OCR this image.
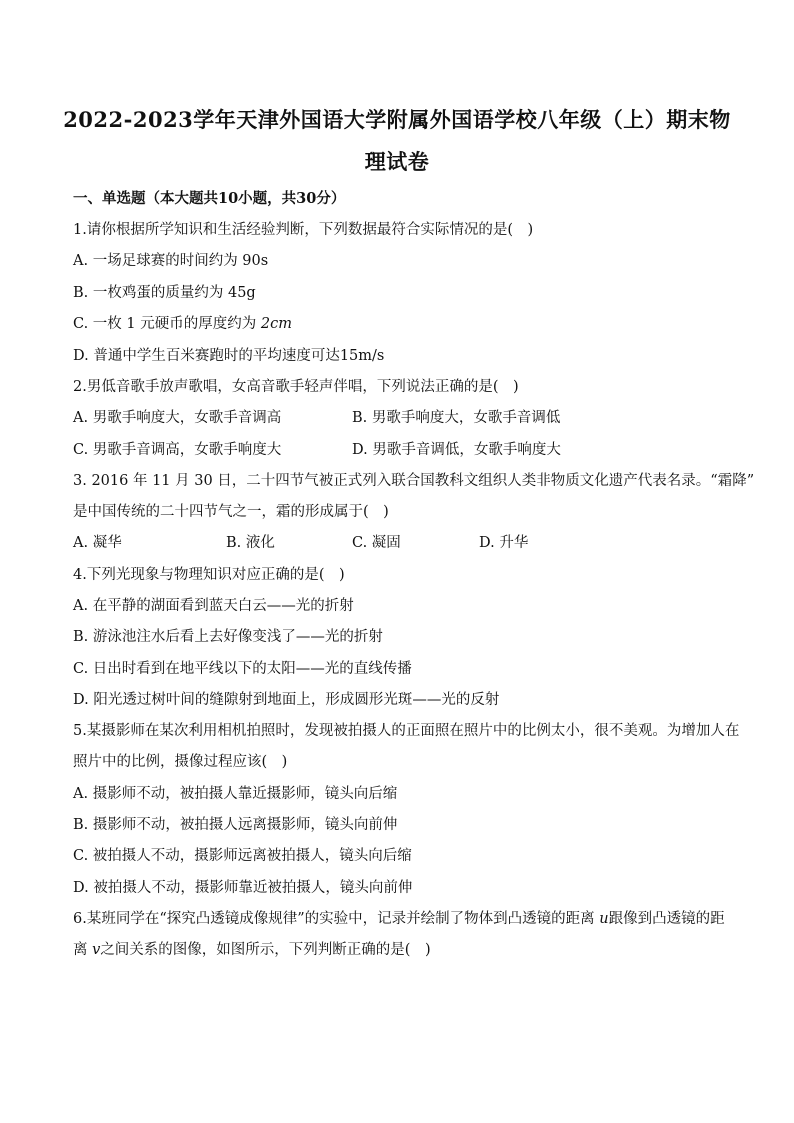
2022-2023学年天津外国语大学附属外国语学校八年级（上）期末物
理试卷
一、单选题（本大题共10小题，共30分）
1.请你根据所学知识和生活经验判断，下列数据最符合实际情况的是(　)
A. 一场足球赛的时间约为 90s
B. 一枚鸡蛋的质量约为 45g
C. 一枚 1 元硬币的厚度约为 2cm
D. 普通中学生百米赛跑时的平均速度可达15m/s
2.男低音歌手放声歌唱，女高音歌手轻声伴唱，下列说法正确的是(　)
A. 男歌手响度大，女歌手音调高	B. 男歌手响度大，女歌手音调低
C. 男歌手音调高，女歌手响度大	D. 男歌手音调低，女歌手响度大
3. 2016 年 11 月 30 日，二十四节气被正式列入联合国教科文组织人类非物质文化遗产代表名录。“霜降”
是中国传统的二十四节气之一，霜的形成属于(　)
A. 凝华	B. 液化	C. 凝固	D. 升华
4.下列光现象与物理知识对应正确的是(　)
A. 在平静的湖面看到蓝天白云——光的折射
B. 游泳池注水后看上去好像变浅了——光的折射
C. 日出时看到在地平线以下的太阳——光的直线传播
D. 阳光透过树叶间的缝隙射到地面上，形成圆形光斑——光的反射
5.某摄影师在某次利用相机拍照时，发现被拍摄人的正面照在照片中的比例太小，很不美观。为增加人在
照片中的比例，摄像过程应该(　)
A. 摄影师不动，被拍摄人靠近摄影师，镜头向后缩
B. 摄影师不动，被拍摄人远离摄影师，镜头向前伸
C. 被拍摄人不动，摄影师远离被拍摄人，镜头向后缩
D. 被拍摄人不动，摄影师靠近被拍摄人，镜头向前伸
6.某班同学在“探究凸透镜成像规律”的实验中，记录并绘制了物体到凸透镜的距离 u跟像到凸透镜的距
离 v之间关系的图像，如图所示，下列判断正确的是(　)
